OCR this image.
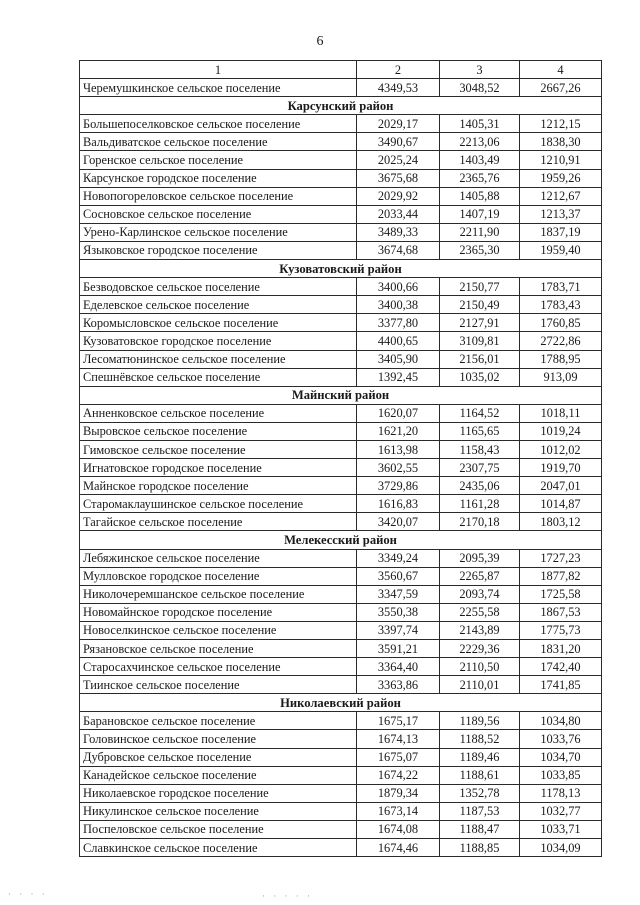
6
1	2	3	4
Черемушкинское сельское поселение	4349,53	3048,52	2667,26
Карсунский район			
Большепоселковское сельское поселение	2029,17	1405,31	1212,15
Вальдиватское сельское поселение	3490,67	2213,06	1838,30
Горенское сельское поселение	2025,24	1403,49	1210,91
Карсунское городское поселение	3675,68	2365,76	1959,26
Новопогореловское сельское поселение	2029,92	1405,88	1212,67
Сосновское сельское поселение	2033,44	1407,19	1213,37
Урено-Карлинское сельское поселение	3489,33	2211,90	1837,19
Языковское городское поселение	3674,68	2365,30	1959,40
Кузоватовский район			
Безводовское сельское поселение	3400,66	2150,77	1783,71
Еделевское сельское поселение	3400,38	2150,49	1783,43
Коромысловское сельское поселение	3377,80	2127,91	1760,85
Кузоватовское городское поселение	4400,65	3109,81	2722,86
Лесоматюнинское сельское поселение	3405,90	2156,01	1788,95
Спешнёвское сельское поселение	1392,45	1035,02	913,09
Майнский район			
Анненковское сельское поселение	1620,07	1164,52	1018,11
Выровское сельское поселение	1621,20	1165,65	1019,24
Гимовское сельское поселение	1613,98	1158,43	1012,02
Игнатовское городское поселение	3602,55	2307,75	1919,70
Майнское городское поселение	3729,86	2435,06	2047,01
Старомаклаушинское сельское поселение	1616,83	1161,28	1014,87
Тагайское сельское поселение	3420,07	2170,18	1803,12
Мелекесский район			
Лебяжинское сельское поселение	3349,24	2095,39	1727,23
Мулловское городское поселение	3560,67	2265,87	1877,82
Николочеремшанское сельское поселение	3347,59	2093,74	1725,58
Новомайнское городское поселение	3550,38	2255,58	1867,53
Новоселкинское сельское поселение	3397,74	2143,89	1775,73
Рязановское сельское поселение	3591,21	2229,36	1831,20
Старосахчинское сельское поселение	3364,40	2110,50	1742,40
Тиинское сельское поселение	3363,86	2110,01	1741,85
Николаевский район			
Барановское сельское поселение	1675,17	1189,56	1034,80
Головинское сельское поселение	1674,13	1188,52	1033,76
Дубровское сельское поселение	1675,07	1189,46	1034,70
Канадейское сельское поселение	1674,22	1188,61	1033,85
Николаевское городское поселение	1879,34	1352,78	1178,13
Никулинское сельское поселение	1673,14	1187,53	1032,77
Поспеловское сельское поселение	1674,08	1188,47	1033,71
Славкинское сельское поселение	1674,46	1188,85	1034,09
· · · ·	· · · · ·
